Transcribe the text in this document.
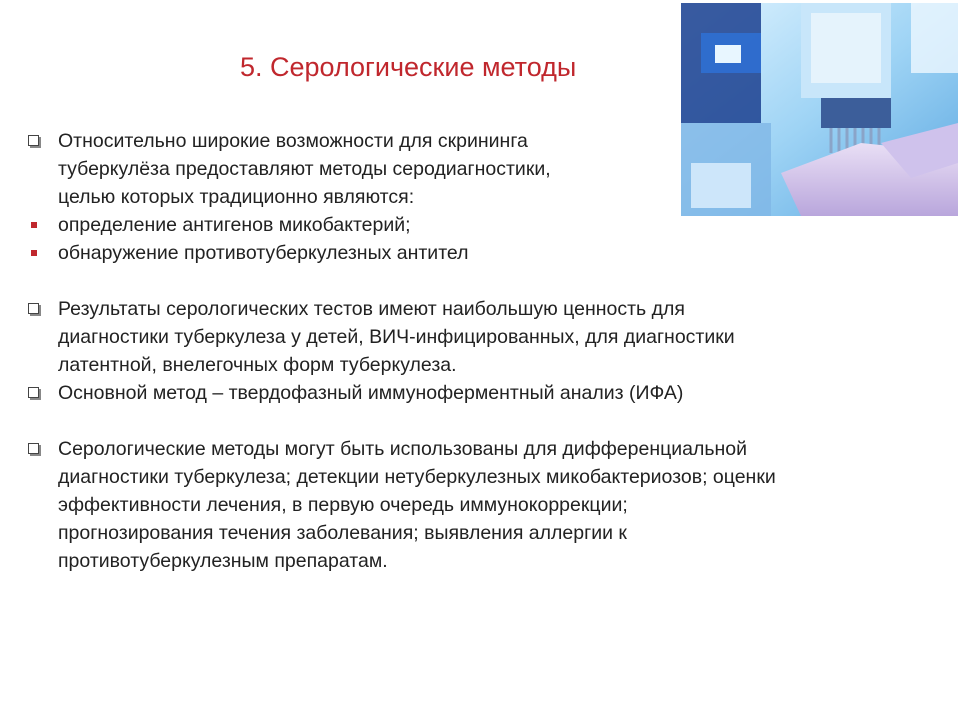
5. Серологические методы
Относительно широкие возможности для скрининга
туберкулёза предоставляют методы серодиагностики,
целью которых традиционно являются:
определение антигенов микобактерий;
обнаружение противотуберкулезных антител
Результаты серологических тестов имеют наибольшую ценность для
диагностики туберкулеза у детей, ВИЧ-инфицированных, для диагностики
латентной, внелегочных форм туберкулеза.
Основной метод – твердофазный иммуноферментный анализ (ИФА)
Серологические методы могут быть использованы для дифференциальной
диагностики туберкулеза; детекции нетуберкулезных микобактериозов; оценки
эффективности лечения, в первую очередь иммунокоррекции;
прогнозирования течения заболевания; выявления аллергии к
противотуберкулезным препаратам.
